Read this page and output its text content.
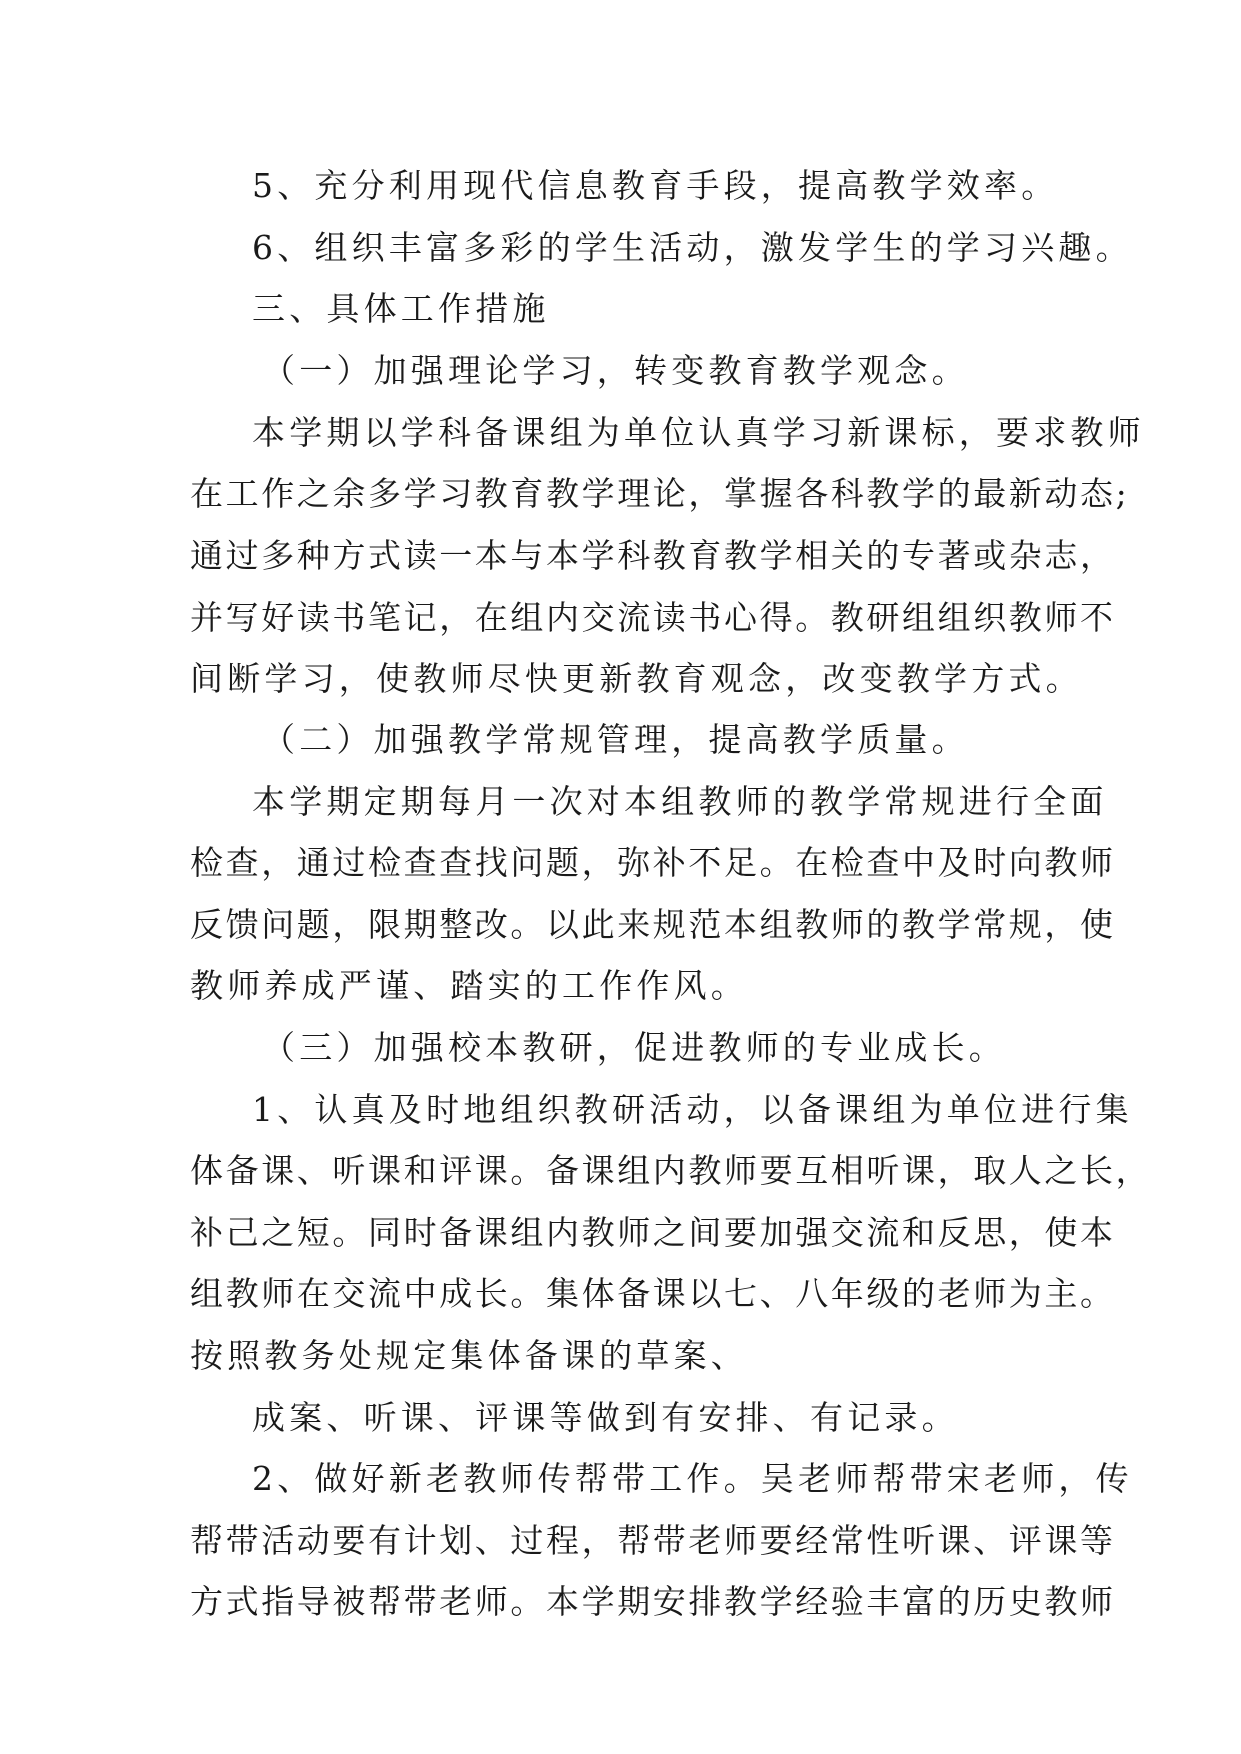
5、充分利用现代信息教育手段，提高教学效率。
6、组织丰富多彩的学生活动，激发学生的学习兴趣。
三、具体工作措施
（一）加强理论学习，转变教育教学观念。
本学期以学科备课组为单位认真学习新课标，要求教师
在工作之余多学习教育教学理论，掌握各科教学的最新动态;
通过多种方式读一本与本学科教育教学相关的专著或杂志，
并写好读书笔记，在组内交流读书心得。教研组组织教师不
间断学习，使教师尽快更新教育观念，改变教学方式。
（二）加强教学常规管理，提高教学质量。
本学期定期每月一次对本组教师的教学常规进行全面
检查，通过检查查找问题，弥补不足。在检查中及时向教师
反馈问题，限期整改。以此来规范本组教师的教学常规，使
教师养成严谨、踏实的工作作风。
（三）加强校本教研，促进教师的专业成长。
1、认真及时地组织教研活动，以备课组为单位进行集
体备课、听课和评课。备课组内教师要互相听课，取人之长，
补己之短。同时备课组内教师之间要加强交流和反思，使本
组教师在交流中成长。集体备课以七、八年级的老师为主。
按照教务处规定集体备课的草案、
成案、听课、评课等做到有安排、有记录。
2、做好新老教师传帮带工作。吴老师帮带宋老师，传
帮带活动要有计划、过程，帮带老师要经常性听课、评课等
方式指导被帮带老师。本学期安排教学经验丰富的历史教师
